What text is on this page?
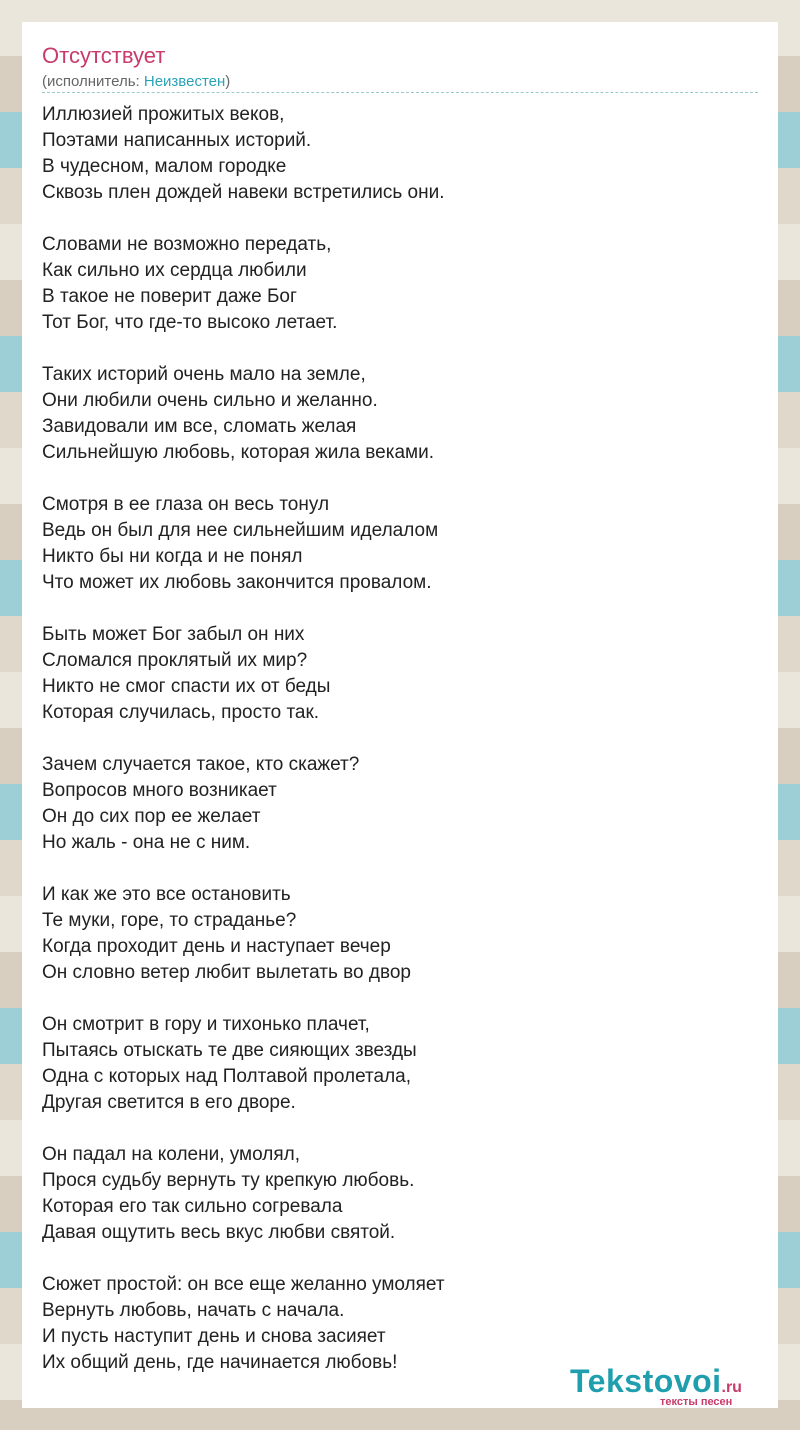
Отсутствует
(исполнитель: Неизвестен)
Иллюзией прожитых веков,
Поэтами написанных историй.
В чудесном, малом городке
Сквозь плен дождей навеки встретились они.
Словами не возможно передать,
Как сильно их сердца любили
В такое не поверит даже Бог
Тот Бог, что где-то высоко летает.
Таких историй очень мало на земле,
Они любили очень сильно и желанно.
Завидовали им все, сломать желая
Сильнейшую любовь, которая жила веками.
Смотря в ее глаза он весь тонул
Ведь он был для нее сильнейшим иделалом
Никто бы ни когда и не понял
Что может их любовь закончится провалом.
Быть может Бог забыл он них
Сломался проклятый их мир?
Никто не смог спасти их от беды
Которая случилась, просто так.
Зачем случается такое, кто скажет?
Вопросов много возникает
Он до сих пор ее желает
Но жаль - она не с ним.
И как же это все остановить
Те муки, горе, то страданье?
Когда проходит день и наступает вечер
Он словно ветер любит вылетать во двор
Он смотрит в гору и тихонько плачет,
Пытаясь отыскать те две сияющих звезды
Одна с которых над Полтавой пролетала,
Другая светится в его дворе.
Он падал на колени, умолял,
Прося судьбу вернуть ту крепкую любовь.
Которая его так сильно согревала
Давая ощутить весь вкус любви святой.
Сюжет простой: он все еще желанно умоляет
Вернуть любовь, начать с начала.
И пусть наступит день и снова засияет
Их общий день, где начинается любовь!
Tekstovoi.ru
тексты песен
